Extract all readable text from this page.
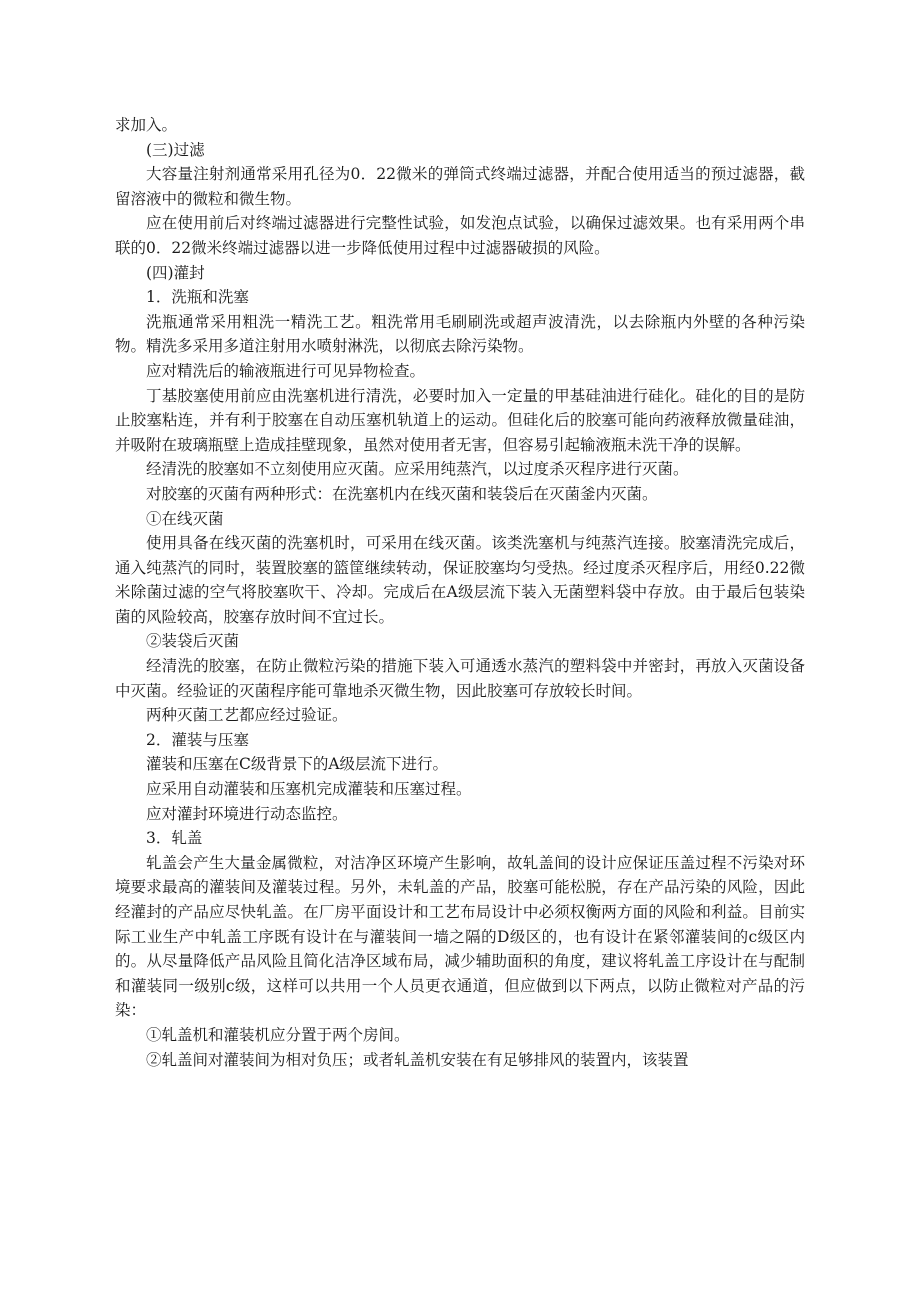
求加入。

(三)过滤

大容量注射剂通常采用孔径为0．22微米的弹筒式终端过滤器，并配合使用适当的预过滤器，截留溶液中的微粒和微生物。

应在使用前后对终端过滤器进行完整性试验，如发泡点试验，以确保过滤效果。也有采用两个串联的0．22微米终端过滤器以进一步降低使用过程中过滤器破损的风险。

(四)灌封

1．洗瓶和洗塞

洗瓶通常采用粗洗一精洗工艺。粗洗常用毛刷刷洗或超声波清洗，以去除瓶内外壁的各种污染物。精洗多采用多道注射用水喷射淋洗，以彻底去除污染物。

应对精洗后的输液瓶进行可见异物检查。

丁基胶塞使用前应由洗塞机进行清洗，必要时加入一定量的甲基硅油进行硅化。硅化的目的是防止胶塞粘连，并有利于胶塞在自动压塞机轨道上的运动。但硅化后的胶塞可能向药液释放微量硅油，并吸附在玻璃瓶壁上造成挂壁现象，虽然对使用者无害，但容易引起输液瓶未洗干净的误解。

经清洗的胶塞如不立刻使用应灭菌。应采用纯蒸汽，以过度杀灭程序进行灭菌。

对胶塞的灭菌有两种形式：在洗塞机内在线灭菌和装袋后在灭菌釜内灭菌。

①在线灭菌

使用具备在线灭菌的洗塞机时，可采用在线灭菌。该类洗塞机与纯蒸汽连接。胶塞清洗完成后，通入纯蒸汽的同时，装置胶塞的篮筐继续转动，保证胶塞均匀受热。经过度杀灭程序后，用经0.22微米除菌过滤的空气将胶塞吹干、冷却。完成后在A级层流下装入无菌塑料袋中存放。由于最后包装染菌的风险较高，胶塞存放时间不宜过长。

②装袋后灭菌

经清洗的胶塞，在防止微粒污染的措施下装入可通透水蒸汽的塑料袋中并密封，再放入灭菌设备中灭菌。经验证的灭菌程序能可靠地杀灭微生物，因此胶塞可存放较长时间。

两种灭菌工艺都应经过验证。

2．灌装与压塞

灌装和压塞在C级背景下的A级层流下进行。

应采用自动灌装和压塞机完成灌装和压塞过程。

应对灌封环境进行动态监控。

3．轧盖

轧盖会产生大量金属微粒，对洁净区环境产生影响，故轧盖间的设计应保证压盖过程不污染对环境要求最高的灌装间及灌装过程。另外，未轧盖的产品，胶塞可能松脱，存在产品污染的风险，因此经灌封的产品应尽快轧盖。在厂房平面设计和工艺布局设计中必须权衡两方面的风险和利益。目前实际工业生产中轧盖工序既有设计在与灌装间一墙之隔的D级区的，也有设计在紧邻灌装间的c级区内的。从尽量降低产品风险且简化洁净区域布局，减少辅助面积的角度，建议将轧盖工序设计在与配制和灌装同一级别c级，这样可以共用一个人员更衣通道，但应做到以下两点，以防止微粒对产品的污染：

①轧盖机和灌装机应分置于两个房间。

②轧盖间对灌装间为相对负压；或者轧盖机安装在有足够排风的装置内，该装置
